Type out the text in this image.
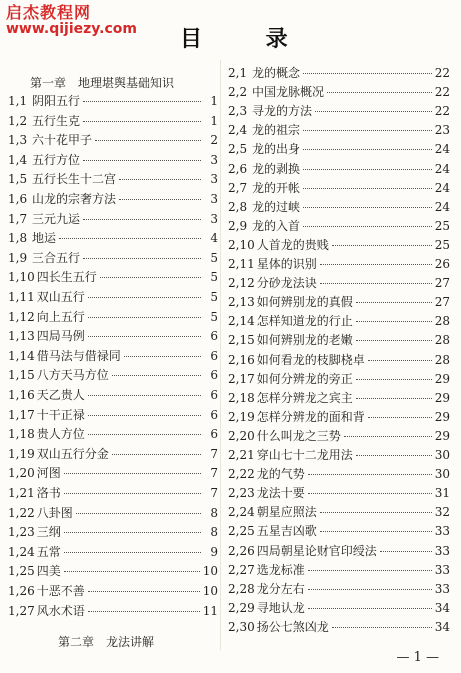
启杰教程网
www.qijiezy.com 目 录
第一章 地理堪舆基础知识
1,1 阴阳五行	1
1,2 五行生克	1
1,3 六十花甲子	2
1,4 五行方位	3
1,5 五行长生十二宫	3
1,6 山龙的宗奢方法	3
1,7 三元九运	3
1,8 地运	4
1,9 三合五行	5
1,10 四长生五行	5
1,11 双山五行	5
1,12 向上五行	5
1,13 四局马例	6
1,14 借马法与借禄同	6
1,15 八方天马方位	6
1,16 天乙贵人	6
1,17 十干正禄	6
1,18 贵人方位	6
1,19 双山五行分金	7
1,20 河图	7
1,21 洛书	7
1,22 八卦图	8
1,23 三纲	8
1,24 五常	9
1,25 四美	10
1,26 十恶不善	10
1,27 风水术语	11
2,1 龙的概念	22
2,2 中国龙脉概况	22
2,3 寻龙的方法	22
2,4 龙的祖宗	23
2,5 龙的出身	24
2,6 龙的剥换	24
2,7 龙的开帐	24
2,8 龙的过峡	24
2,9 龙的入首	25
2,10 人首龙的贵贱	25
2,11 星体的识别	26
2,12 分砂龙法诀	27
2,13 如何辨别龙的真假	27
2,14 怎样知道龙的行止	28
2,15 如何辨别龙的老嫩	28
2,16 如何看龙的枝脚桡卓	28
2,17 如何分辨龙的旁正	29
2,18 怎样分辨龙之宾主	29
2,19 怎样分辨龙的面和背	29
2,20 什么叫龙之三势	29
2,21 穿山七十二龙用法	30
2,22 龙的气势	30
2,23 龙法十要	31
2,24 朝星应照法	32
2,25 五星吉凶歌	33
2,26 四局朝星论财官印绶法	33
2,27 选龙标准	33
2,28 龙分左右	33
2,29 寻地认龙	34
2,30 扬公七煞凶龙	34
第二章 龙法讲解
— 1 —
